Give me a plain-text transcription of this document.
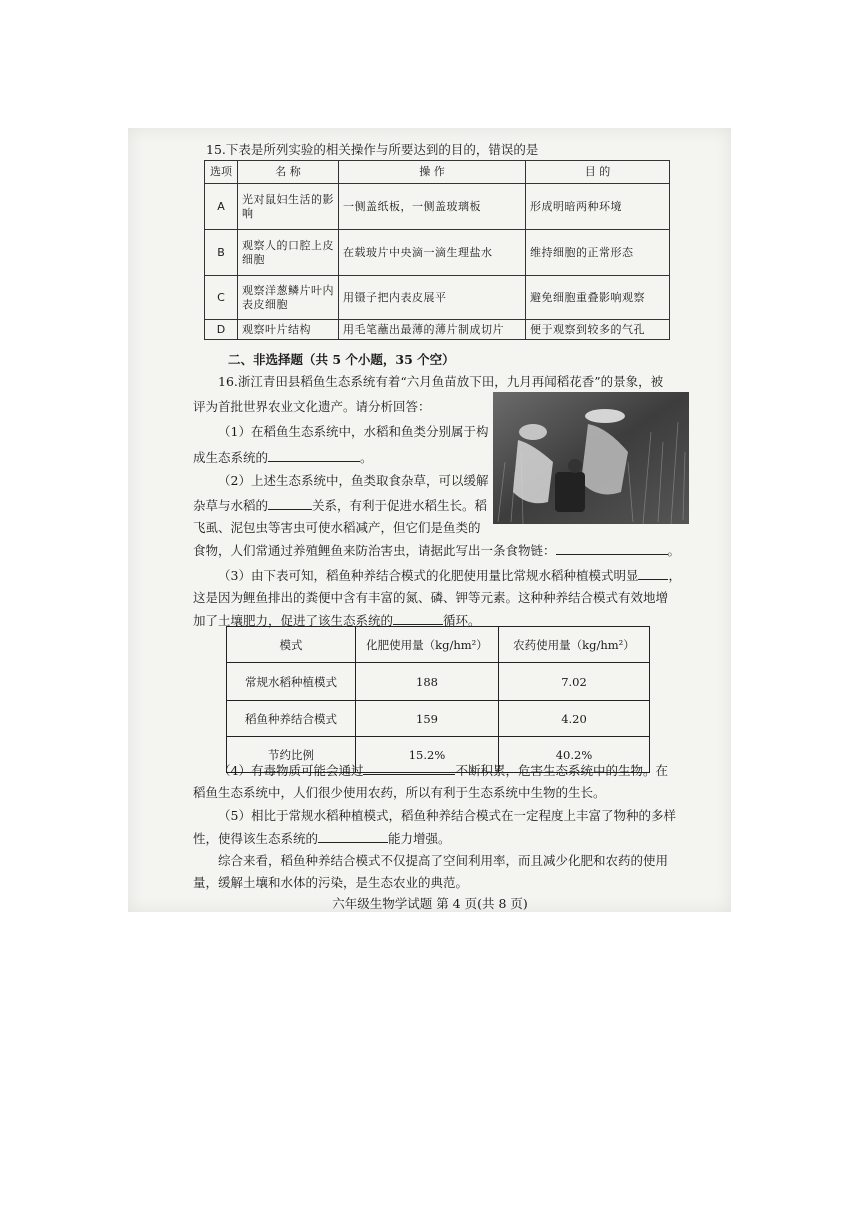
15.下表是所列实验的相关操作与所要达到的目的，错误的是
选项	名 称	操 作	目 的
A	光对鼠妇生活的影响	一侧盖纸板，一侧盖玻璃板	形成明暗两种环境
B	观察人的口腔上皮细胞	在载玻片中央滴一滴生理盐水	维持细胞的正常形态
C	观察洋葱鳞片叶内表皮细胞	用镊子把内表皮展平	避免细胞重叠影响观察
D	观察叶片结构	用毛笔蘸出最薄的薄片制成切片	便于观察到较多的气孔
二、非选择题（共 5 个小题，35 个空）
16.浙江青田县稻鱼生态系统有着“六月鱼苗放下田，九月再闻稻花香”的景象，被
评为首批世界农业文化遗产。请分析回答：
（1）在稻鱼生态系统中，水稻和鱼类分别属于构
成生态系统的	。
（2）上述生态系统中，鱼类取食杂草，可以缓解
杂草与水稻的	关系，有利于促进水稻生长。稻
飞虱、泥包虫等害虫可使水稻减产，但它们是鱼类的
食物，人们常通过养殖鲤鱼来防治害虫，请据此写出一条食物链：	。
（3）由下表可知，稻鱼种养结合模式的化肥使用量比常规水稻种植模式明显 ，
这是因为鲤鱼排出的粪便中含有丰富的氮、磷、钾等元素。这种种养结合模式有效地增
加了土壤肥力，促进了该生态系统的	循环。
模式	化肥使用量（kg/hm²）	农药使用量（kg/hm²）
常规水稻种植模式	188	7.02
稻鱼种养结合模式	159	4.20
节约比例	15.2%	40.2%
（4）有毒物质可能会通过	不断积累，危害生态系统中的生物。在
稻鱼生态系统中，人们很少使用农药，所以有利于生态系统中生物的生长。
（5）相比于常规水稻种植模式，稻鱼种养结合模式在一定程度上丰富了物种的多样
性，使得该生态系统的	能力增强。
综合来看，稻鱼种养结合模式不仅提高了空间利用率，而且减少化肥和农药的使用
量，缓解土壤和水体的污染，是生态农业的典范。
六年级生物学试题 第 4 页(共 8 页)
